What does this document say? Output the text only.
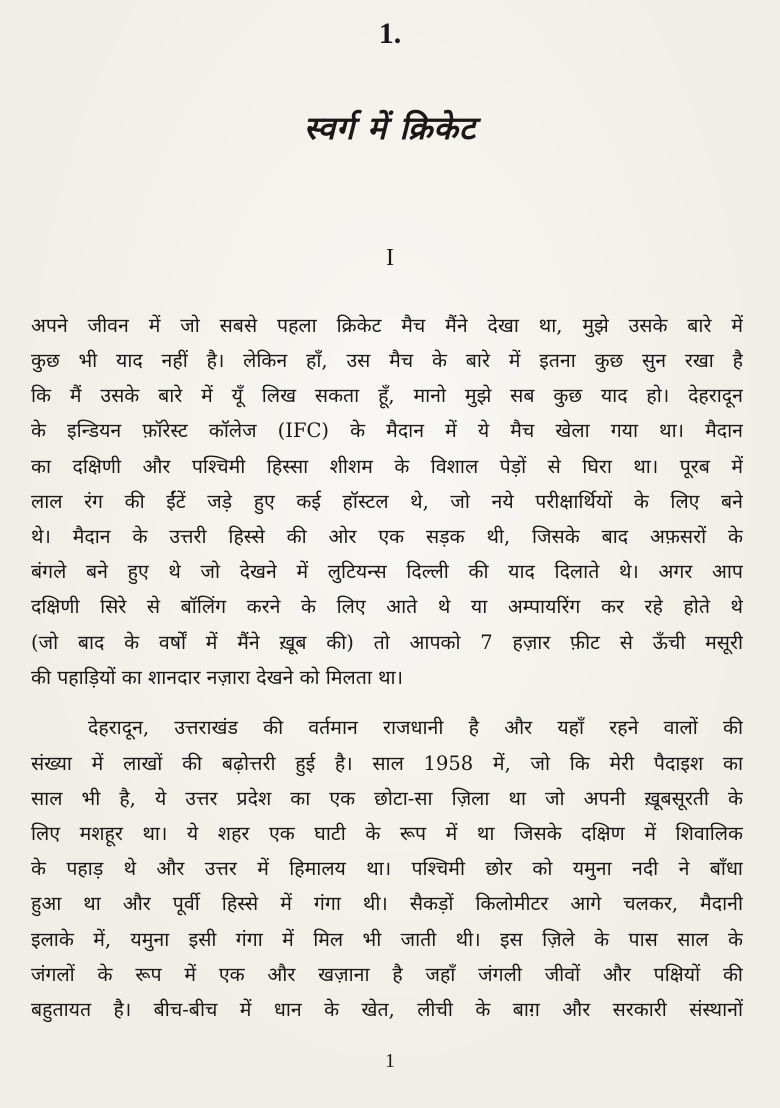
1.
स्वर्ग में क्रिकेट
I
अपने जीवन में जो सबसे पहला क्रिकेट मैच मैंने देखा था, मुझे उसके बारे में
कुछ भी याद नहीं है। लेकिन हाँ, उस मैच के बारे में इतना कुछ सुन रखा है
कि मैं उसके बारे में यूँ लिख सकता हूँ, मानो मुझे सब कुछ याद हो। देहरादून
के इन्डियन फ़ॉरेस्ट कॉलेज (IFC) के मैदान में ये मैच खेला गया था। मैदान
का दक्षिणी और पश्चिमी हिस्सा शीशम के विशाल पेड़ों से घिरा था। पूरब में
लाल रंग की ईंटें जड़े हुए कई हॉस्टल थे, जो नये परीक्षार्थियों के लिए बने
थे। मैदान के उत्तरी हिस्से की ओर एक सड़क थी, जिसके बाद अफ़सरों के
बंगले बने हुए थे जो देखने में लुटियन्स दिल्ली की याद दिलाते थे। अगर आप
दक्षिणी सिरे से बॉलिंग करने के लिए आते थे या अम्पायरिंग कर रहे होते थे
(जो बाद के वर्षों में मैंने ख़ूब की) तो आपको 7 हज़ार फ़ीट से ऊँची मसूरी
की पहाड़ियों का शानदार नज़ारा देखने को मिलता था।
देहरादून, उत्तराखंड की वर्तमान राजधानी है और यहाँ रहने वालों की
संख्या में लाखों की बढ़ोत्तरी हुई है। साल 1958 में, जो कि मेरी पैदाइश का
साल भी है, ये उत्तर प्रदेश का एक छोटा-सा ज़िला था जो अपनी ख़ूबसूरती के
लिए मशहूर था। ये शहर एक घाटी के रूप में था जिसके दक्षिण में शिवालिक
के पहाड़ थे और उत्तर में हिमालय था। पश्चिमी छोर को यमुना नदी ने बाँधा
हुआ था और पूर्वी हिस्से में गंगा थी। सैकड़ों किलोमीटर आगे चलकर, मैदानी
इलाके में, यमुना इसी गंगा में मिल भी जाती थी। इस ज़िले के पास साल के
जंगलों के रूप में एक और खज़ाना है जहाँ जंगली जीवों और पक्षियों की
बहुतायत है। बीच-बीच में धान के खेत, लीची के बाग़ और सरकारी संस्थानों
1
